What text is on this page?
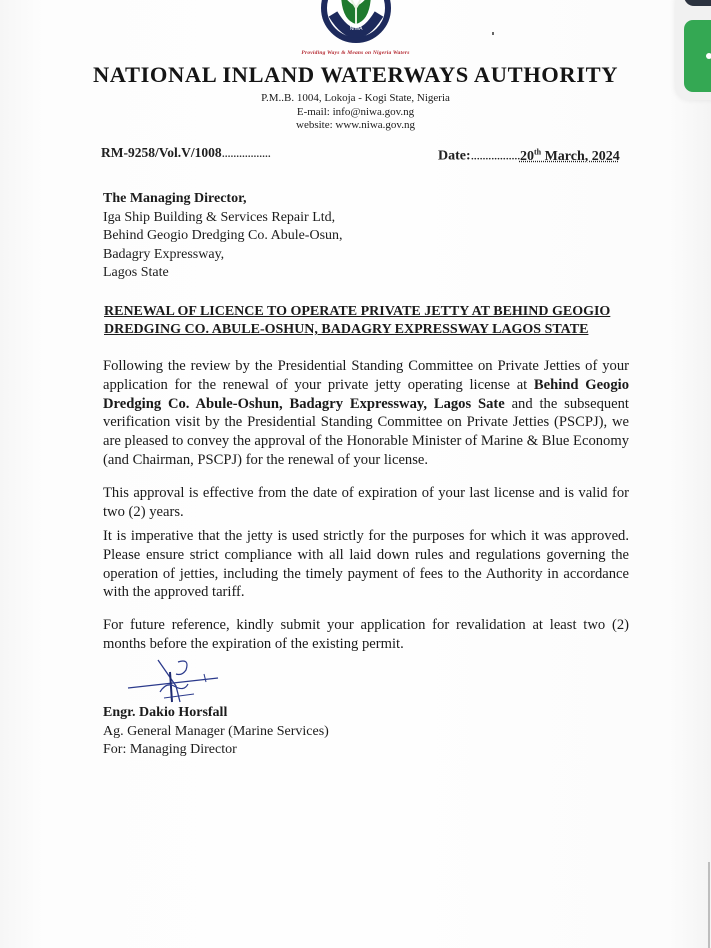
NIWA
Providing Ways & Means on Nigeria Waters
NATIONAL INLAND WATERWAYS AUTHORITY
P.M..B. 1004, Lokoja - Kogi State, Nigeria
E-mail: info@niwa.gov.ng
website: www.niwa.gov.ng
RM-9258/Vol.V/1008.................	Date:.................20th March, 2024
The Managing Director,
Iga Ship Building & Services Repair Ltd,
Behind Geogio Dredging Co. Abule-Osun,
Badagry Expressway,
Lagos State
RENEWAL OF LICENCE TO OPERATE PRIVATE JETTY AT BEHIND GEOGIO DREDGING CO. ABULE-OSHUN, BADAGRY EXPRESSWAY LAGOS STATE
Following the review by the Presidential Standing Committee on Private Jetties of your application for the renewal of your private jetty operating license at Behind Geogio Dredging Co. Abule-Oshun, Badagry Expressway, Lagos Sate and the subsequent verification visit by the Presidential Standing Committee on Private Jetties (PSCPJ), we are pleased to convey the approval of the Honorable Minister of Marine & Blue Economy (and Chairman, PSCPJ) for the renewal of your license.
This approval is effective from the date of expiration of your last license and is valid for two (2) years.
It is imperative that the jetty is used strictly for the purposes for which it was approved. Please ensure strict compliance with all laid down rules and regulations governing the operation of jetties, including the timely payment of fees to the Authority in accordance with the approved tariff.
For future reference, kindly submit your application for revalidation at least two (2) months before the expiration of the existing permit.
Engr. Dakio Horsfall
Ag. General Manager (Marine Services)
For: Managing Director
